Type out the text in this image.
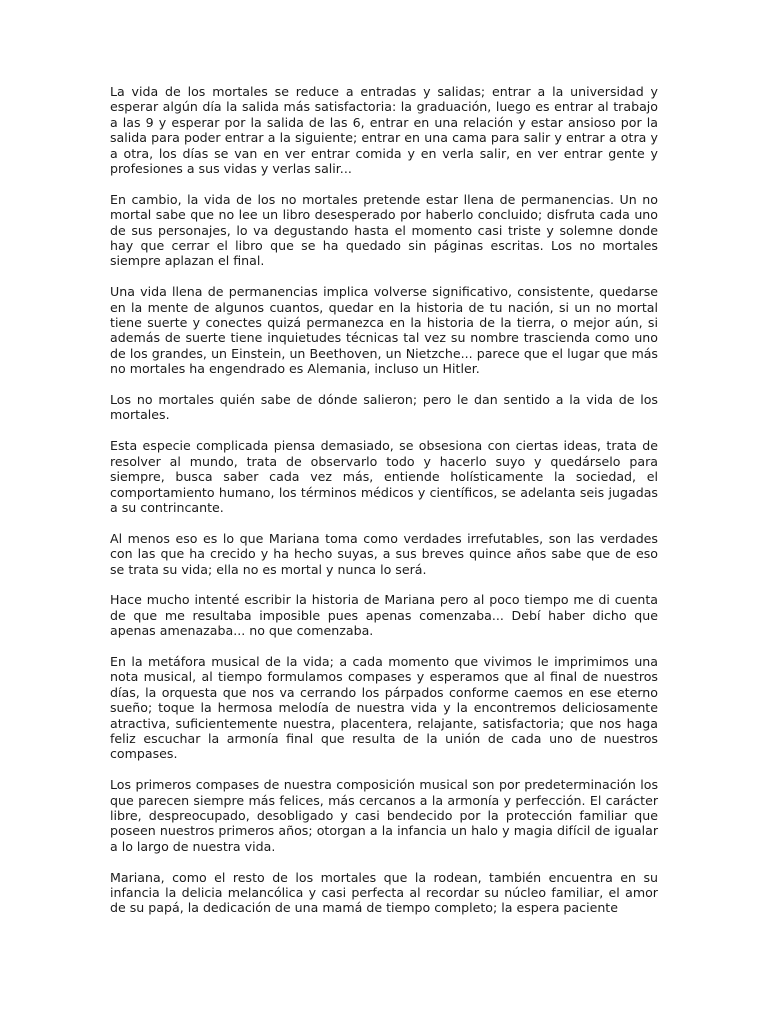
La vida de los mortales se reduce a entradas y salidas; entrar a la universidad y esperar algún día la salida más satisfactoria: la graduación, luego es entrar al trabajo a las 9 y esperar por la salida de las 6, entrar en una relación y estar ansioso por la salida para poder entrar a la siguiente; entrar en una cama para salir y entrar a otra y a otra, los días se van en ver entrar comida y en verla salir, en ver entrar gente y profesiones a sus vidas y verlas salir...

En cambio, la vida de los no mortales pretende estar llena de permanencias. Un no mortal sabe que no lee un libro desesperado por haberlo concluido; disfruta cada uno de sus personajes, lo va degustando hasta el momento casi triste y solemne donde hay que cerrar el libro que se ha quedado sin páginas escritas. Los no mortales siempre aplazan el final.

Una vida llena de permanencias implica volverse significativo, consistente, quedarse en la mente de algunos cuantos, quedar en la historia de tu nación, si un no mortal tiene suerte y conectes quizá permanezca en la historia de la tierra, o mejor aún, si además de suerte tiene inquietudes técnicas tal vez su nombre trascienda como uno de los grandes, un Einstein, un Beethoven, un Nietzche... parece que el lugar que más no mortales ha engendrado es Alemania, incluso un Hitler.

Los no mortales quién sabe de dónde salieron; pero le dan sentido a la vida de los mortales.

Esta especie complicada piensa demasiado, se obsesiona con ciertas ideas, trata de resolver al mundo, trata de observarlo todo y hacerlo suyo y quedárselo para siempre, busca saber cada vez más, entiende holísticamente la sociedad, el comportamiento humano, los términos médicos y científicos, se adelanta seis jugadas a su contrincante.

Al menos eso es lo que Mariana toma como verdades irrefutables, son las verdades con las que ha crecido y ha hecho suyas, a sus breves quince años sabe que de eso se trata su vida; ella no es mortal y nunca lo será.

Hace mucho intenté escribir la historia de Mariana pero al poco tiempo me di cuenta de que me resultaba imposible pues apenas comenzaba... Debí haber dicho que apenas amenazaba... no que comenzaba.

En la metáfora musical de la vida; a cada momento que vivimos le imprimimos una nota musical, al tiempo formulamos compases y esperamos que al final de nuestros días, la orquesta que nos va cerrando los párpados conforme caemos en ese eterno sueño; toque la hermosa melodía de nuestra vida y la encontremos deliciosamente atractiva, suficientemente nuestra, placentera, relajante, satisfactoria; que nos haga feliz escuchar la armonía final que resulta de la unión de cada uno de nuestros compases.

Los primeros compases de nuestra composición musical son por predeterminación los que parecen siempre más felices, más cercanos a la armonía y perfección. El carácter libre, despreocupado, desobligado y casi bendecido por la protección familiar que poseen nuestros primeros años; otorgan a la infancia un halo y magia difícil de igualar a lo largo de nuestra vida.

Mariana, como el resto de los mortales que la rodean, también encuentra en su infancia la delicia melancólica y casi perfecta al recordar su núcleo familiar, el amor de su papá, la dedicación de una mamá de tiempo completo; la espera paciente
